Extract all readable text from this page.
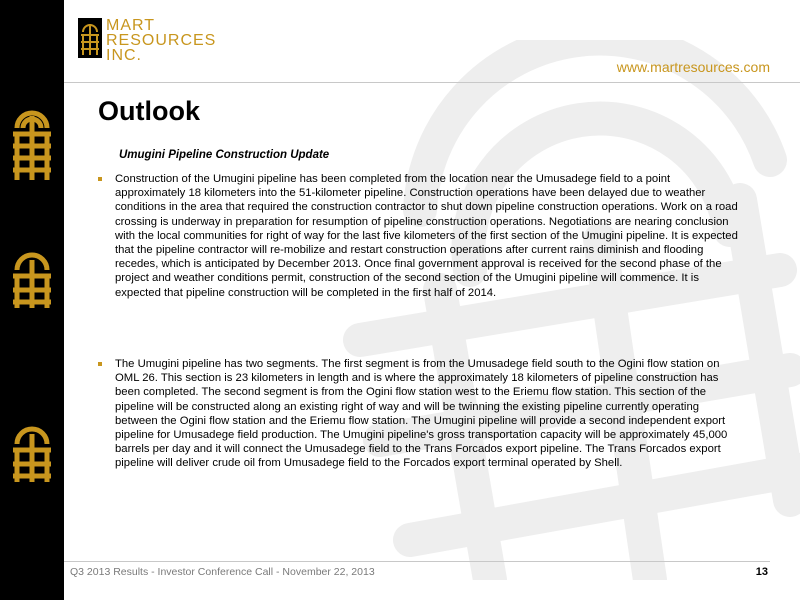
MART
RESOURCES
INC.
www.martresources.com
Outlook
Umugini Pipeline Construction Update
Construction of the Umugini pipeline has been completed from the location near the Umusadege field to a point approximately 18 kilometers into the 51-kilometer pipeline. Construction operations have been delayed due to weather conditions in the area that required the construction contractor to shut down pipeline construction operations. Work on a road crossing is underway in preparation for resumption of pipeline construction operations. Negotiations are nearing conclusion with the local communities for right of way for the last five kilometers of the first section of the Umugini pipeline. It is expected that the pipeline contractor will re-mobilize and restart construction operations after current rains diminish and flooding recedes, which is anticipated by December 2013. Once final government approval is received for the second phase of the project and weather conditions permit, construction of the second section of the Umugini pipeline will commence. It is expected that pipeline construction will be completed in the first half of 2014.
The Umugini pipeline has two segments. The first segment is from the Umusadege field south to the Ogini flow station on OML 26. This section is 23 kilometers in length and is where the approximately 18 kilometers of pipeline construction has been completed. The second segment is from the Ogini flow station west to the Eriemu flow station. This section of the pipeline will be constructed along an existing right of way and will be twinning the existing pipeline currently operating between the Ogini flow station and the Eriemu flow station. The Umugini pipeline will provide a second independent export pipeline for Umusadege field production. The Umugini pipeline's gross transportation capacity will be approximately 45,000 barrels per day and it will connect the Umusadege field to the Trans Forcados export pipeline. The Trans Forcados export pipeline will deliver crude oil from Umusadege field to the Forcados export terminal operated by Shell.
Q3 2013 Results - Investor Conference Call - November 22, 2013	13
